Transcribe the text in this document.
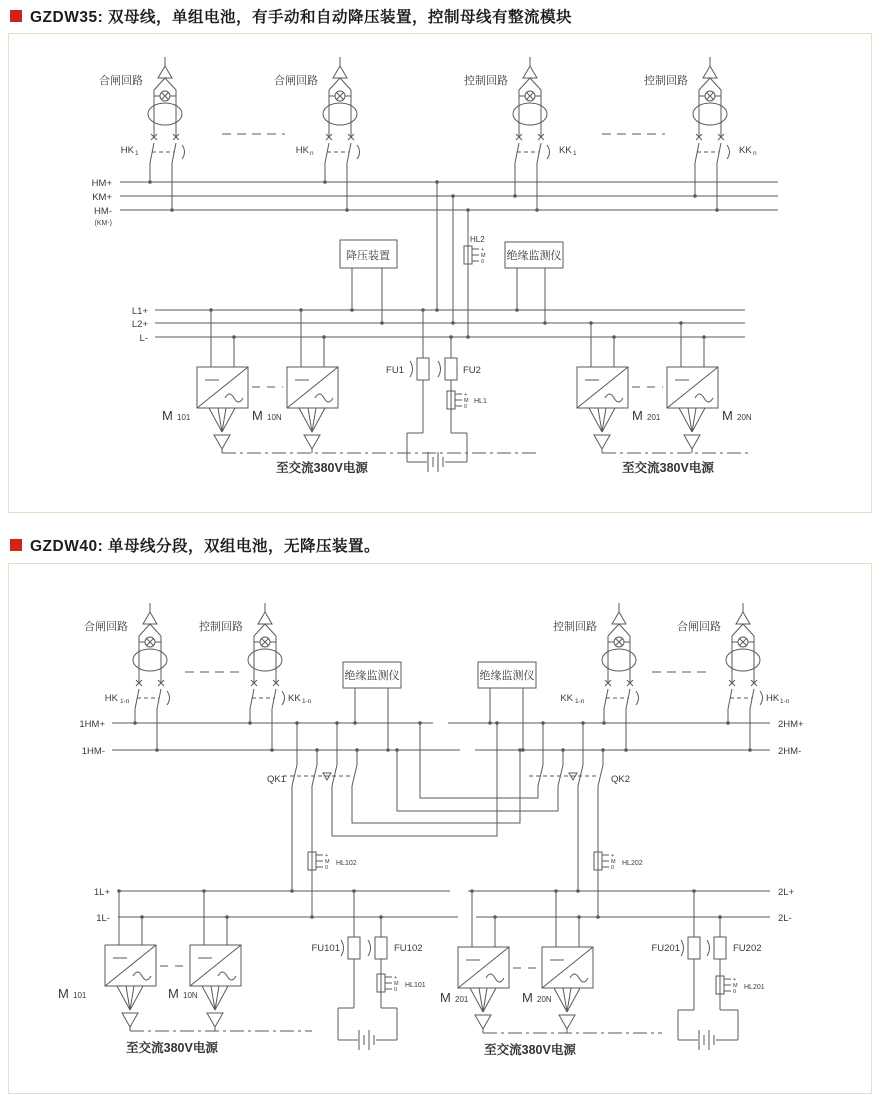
GZDW35: 双母线，单组电池，有手动和自动降压装置，控制母线有整流模块
合闸回路
HK 1
合闸回路
HK n
控制回路
KK 1
控制回路
KK n
HM+
KM+
HM-
(KM-)
HL2
+
M
0
降压装置	绝缘监测仪
L1+
L2+
L-
M 101	M 10N	M 201	M 20N
至交流380V电源	至交流380V电源
FU1	FU2
+
M
0
HL1
GZDW40: 单母线分段，双组电池，无降压装置。
合闸回路
HK 1-n
控制回路
KK 1-n
控制回路
KK 1-n
合闸回路
HK 1-n
绝缘监测仪	绝缘监测仪
1HM+
1HM-
2HM+
2HM-
QK1	QK2
+
M
0
HL102
+
M
0
HL202
1L+
1L-
2L+
2L-
M 101	M 10N	M 201	M 20N
至交流380V电源	至交流380V电源
FU101	FU102
+
M
0
HL101
FU201	FU202
+
M
0
HL201
